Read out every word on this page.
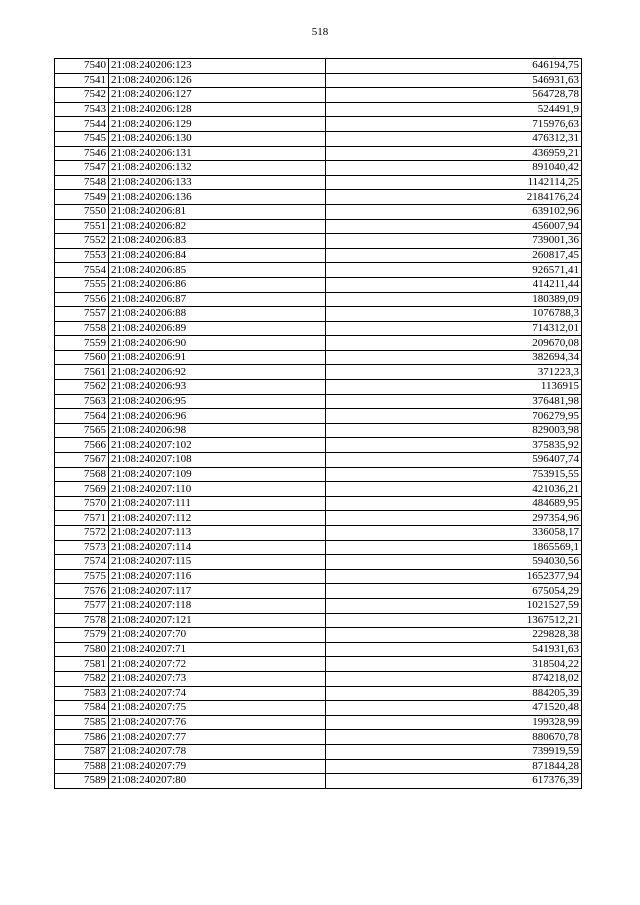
518
7540	21:08:240206:123	646194,75
7541	21:08:240206:126	546931,63
7542	21:08:240206:127	564728,78
7543	21:08:240206:128	524491,9
7544	21:08:240206:129	715976,63
7545	21:08:240206:130	476312,31
7546	21:08:240206:131	436959,21
7547	21:08:240206:132	891040,42
7548	21:08:240206:133	1142114,25
7549	21:08:240206:136	2184176,24
7550	21:08:240206:81	639102,96
7551	21:08:240206:82	456007,94
7552	21:08:240206:83	739001,36
7553	21:08:240206:84	260817,45
7554	21:08:240206:85	926571,41
7555	21:08:240206:86	414211,44
7556	21:08:240206:87	180389,09
7557	21:08:240206:88	1076788,3
7558	21:08:240206:89	714312,01
7559	21:08:240206:90	209670,08
7560	21:08:240206:91	382694,34
7561	21:08:240206:92	371223,3
7562	21:08:240206:93	1136915
7563	21:08:240206:95	376481,98
7564	21:08:240206:96	706279,95
7565	21:08:240206:98	829003,98
7566	21:08:240207:102	375835,92
7567	21:08:240207:108	596407,74
7568	21:08:240207:109	753915,55
7569	21:08:240207:110	421036,21
7570	21:08:240207:111	484689,95
7571	21:08:240207:112	297354,96
7572	21:08:240207:113	336058,17
7573	21:08:240207:114	1865569,1
7574	21:08:240207:115	594030,56
7575	21:08:240207:116	1652377,94
7576	21:08:240207:117	675054,29
7577	21:08:240207:118	1021527,59
7578	21:08:240207:121	1367512,21
7579	21:08:240207:70	229828,38
7580	21:08:240207:71	541931,63
7581	21:08:240207:72	318504,22
7582	21:08:240207:73	874218,02
7583	21:08:240207:74	884205,39
7584	21:08:240207:75	471520,48
7585	21:08:240207:76	199328,99
7586	21:08:240207:77	880670,78
7587	21:08:240207:78	739919,59
7588	21:08:240207:79	871844,28
7589	21:08:240207:80	617376,39
